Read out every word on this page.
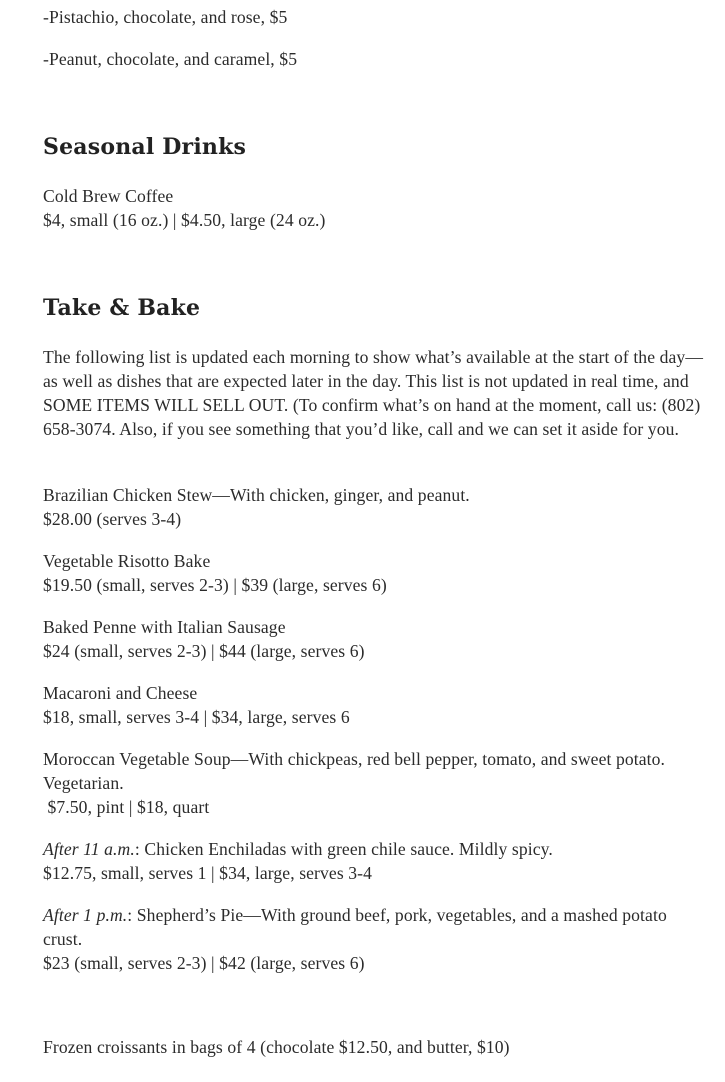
-Pistachio, chocolate, and rose, $5

-Peanut, chocolate, and caramel, $5

Seasonal Drinks

Cold Brew Coffee

$4, small (16 oz.) | $4.50, large (24 oz.)

Take & Bake

The following list is updated each morning to show what’s available at the start of the day—as well as dishes that are expected later in the day. This list is not updated in real time, and SOME ITEMS WILL SELL OUT. (To confirm what’s on hand at the moment, call us: (802) 658-3074. Also, if you see something that you’d like, call and we can set it aside for you.

Brazilian Chicken Stew—With chicken, ginger, and peanut.

$28.00 (serves 3-4)

Vegetable Risotto Bake

$19.50 (small, serves 2-3) | $39 (large, serves 6)

Baked Penne with Italian Sausage

$24 (small, serves 2-3) | $44 (large, serves 6)

Macaroni and Cheese

$18, small, serves 3-4 | $34, large, serves 6

Moroccan Vegetable Soup—With chickpeas, red bell pepper, tomato, and sweet potato. Vegetarian.

$7.50, pint | $18, quart

After 11 a.m.: Chicken Enchiladas with green chile sauce. Mildly spicy.

$12.75, small, serves 1 | $34, large, serves 3-4

After 1 p.m.: Shepherd’s Pie—With ground beef, pork, vegetables, and a mashed potato crust.

$23 (small, serves 2-3) | $42 (large, serves 6)

Frozen croissants in bags of 4 (chocolate $12.50, and butter, $10)
